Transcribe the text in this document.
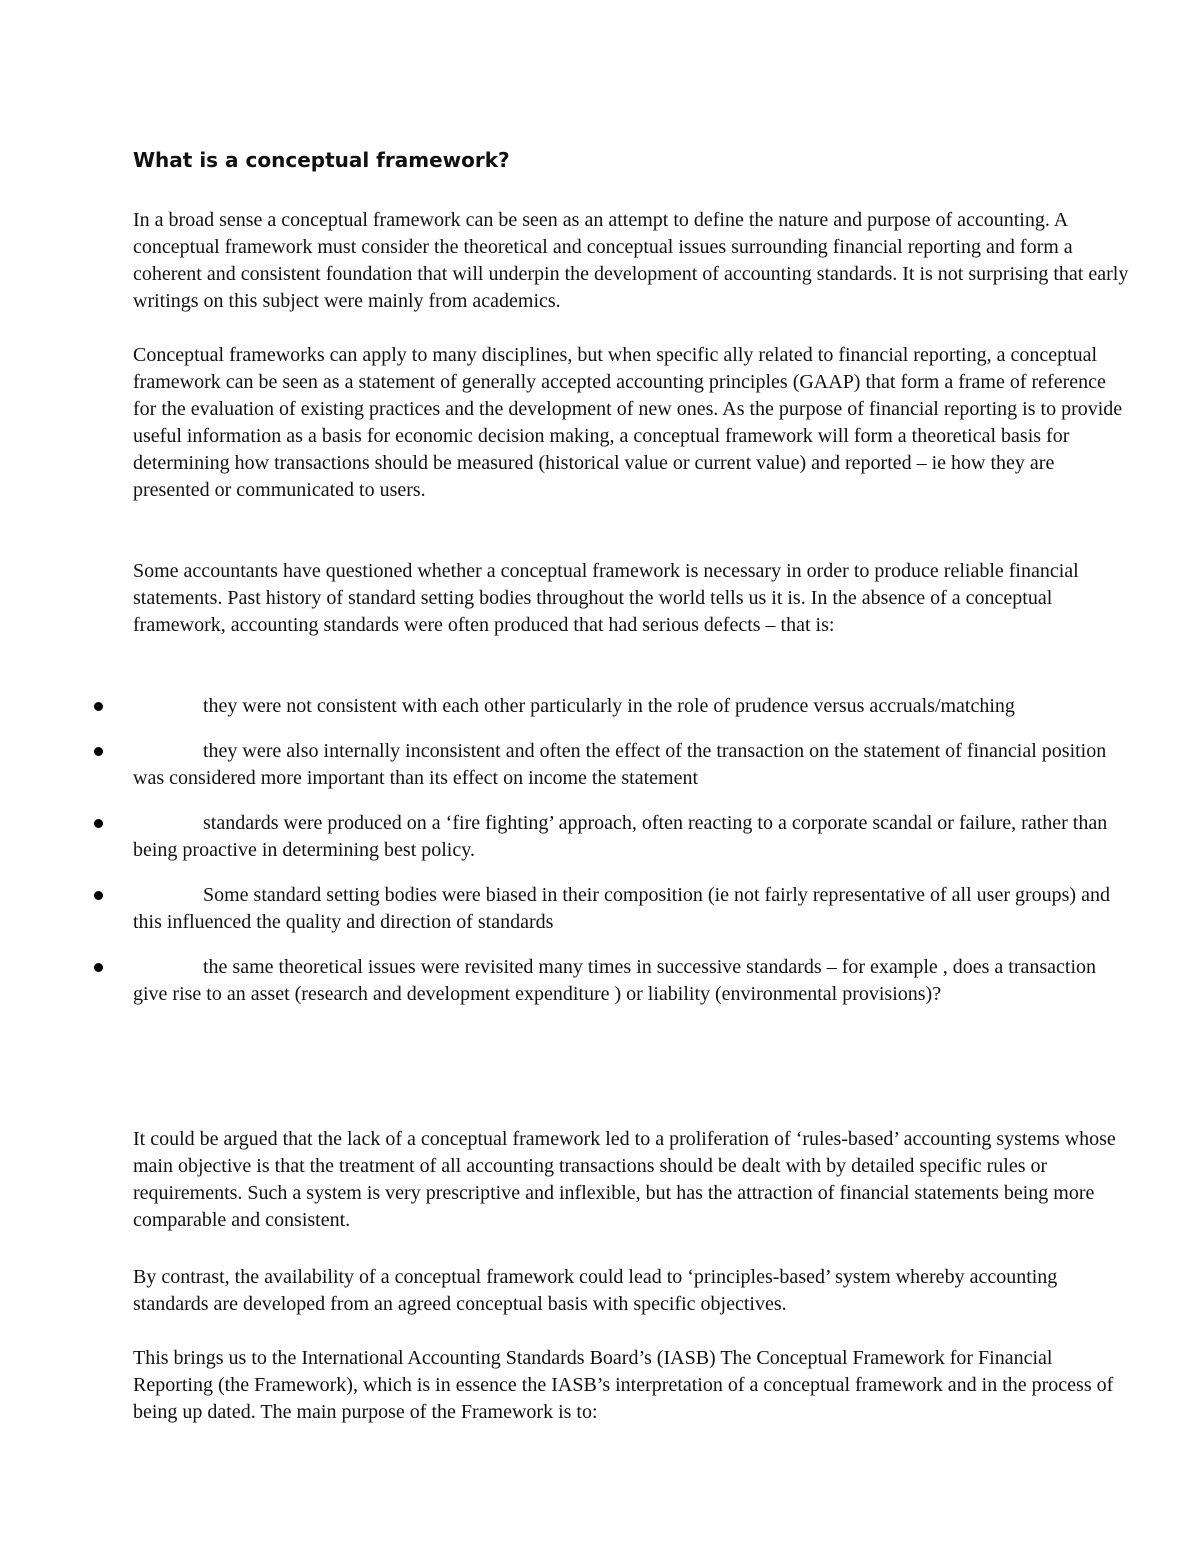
What is a conceptual framework?

In a broad sense a conceptual framework can be seen as an attempt to define the nature and purpose of accounting. A conceptual framework must consider the theoretical and conceptual issues surrounding financial reporting and form a coherent and consistent foundation that will underpin the development of accounting standards. It is not surprising that early writings on this subject were mainly from academics.

Conceptual frameworks can apply to many disciplines, but when specific ally related to financial reporting, a conceptual framework can be seen as a statement of generally accepted accounting principles (GAAP) that form a frame of reference for the evaluation of existing practices and the development of new ones. As the purpose of financial reporting is to provide useful information as a basis for economic decision making, a conceptual framework will form a theoretical basis for determining how transactions should be measured (historical value or current value) and reported – ie how they are presented or communicated to users.

Some accountants have questioned whether a conceptual framework is necessary in order to produce reliable financial statements. Past history of standard setting bodies throughout the world tells us it is. In the absence of a conceptual framework, accounting standards were often produced that had serious defects – that is:

they were not consistent with each other particularly in the role of prudence versus accruals/matching
they were also internally inconsistent and often the effect of the transaction on the statement of financial position was considered more important than its effect on income the statement
standards were produced on a ‘fire fighting’ approach, often reacting to a corporate scandal or failure, rather than being proactive in determining best policy.
Some standard setting bodies were biased in their composition (ie not fairly representative of all user groups) and this influenced the quality and direction of standards
the same theoretical issues were revisited many times in successive standards – for example , does a transaction give rise to an asset (research and development expenditure ) or liability (environmental provisions)?

It could be argued that the lack of a conceptual framework led to a proliferation of ‘rules-based’ accounting systems whose main objective is that the treatment of all accounting transactions should be dealt with by detailed specific rules or requirements. Such a system is very prescriptive and inflexible, but has the attraction of financial statements being more comparable and consistent.

By contrast, the availability of a conceptual framework could lead to ‘principles-based’ system whereby accounting standards are developed from an agreed conceptual basis with specific objectives.

This brings us to the International Accounting Standards Board’s (IASB) The Conceptual Framework for Financial Reporting (the Framework), which is in essence the IASB’s interpretation of a conceptual framework and in the process of being up dated. The main purpose of the Framework is to:
